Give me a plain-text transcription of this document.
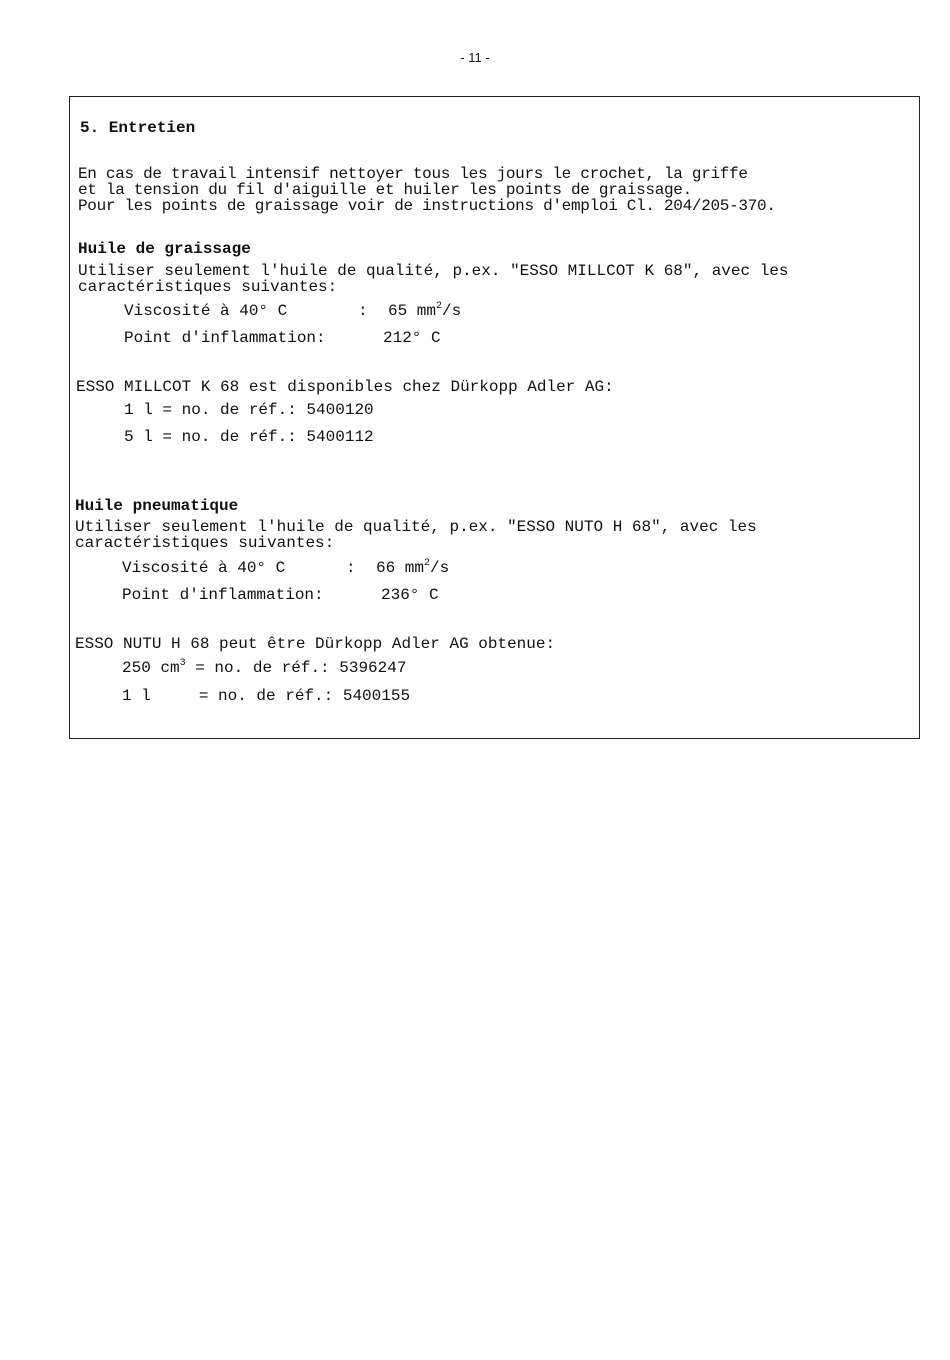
- 11 -
5. Entretien
En cas de travail intensif nettoyer tous les jours le crochet, la griffe
et la tension du fil d'aiguille et huiler les points de graissage.
Pour les points de graissage voir de instructions d'emploi Cl. 204/205-370.
Huile de graissage
Utiliser seulement l'huile de qualité, p.ex. "ESSO MILLCOT K 68", avec les
caractéristiques suivantes:
Viscosité à 40° C	: 65 $mm^2/s$
Point d'inflammation:	212° C
ESSO MILLCOT K 68 est disponibles chez Dürkopp Adler AG:
1 l = no. de réf.: 5400120
5 l = no. de réf.: 5400112
Huile pneumatique
Utiliser seulement l'huile de qualité, p.ex. "ESSO NUTO H 68", avec les
caractéristiques suivantes:
Viscosité à 40° C	: 66 $mm^2/s$
Point d'inflammation:	236° C
ESSO NUTU H 68 peut être Dürkopp Adler AG obtenue:
250 $cm^3$ = no. de réf.: 5396247
1 l     = no. de réf.: 5400155
